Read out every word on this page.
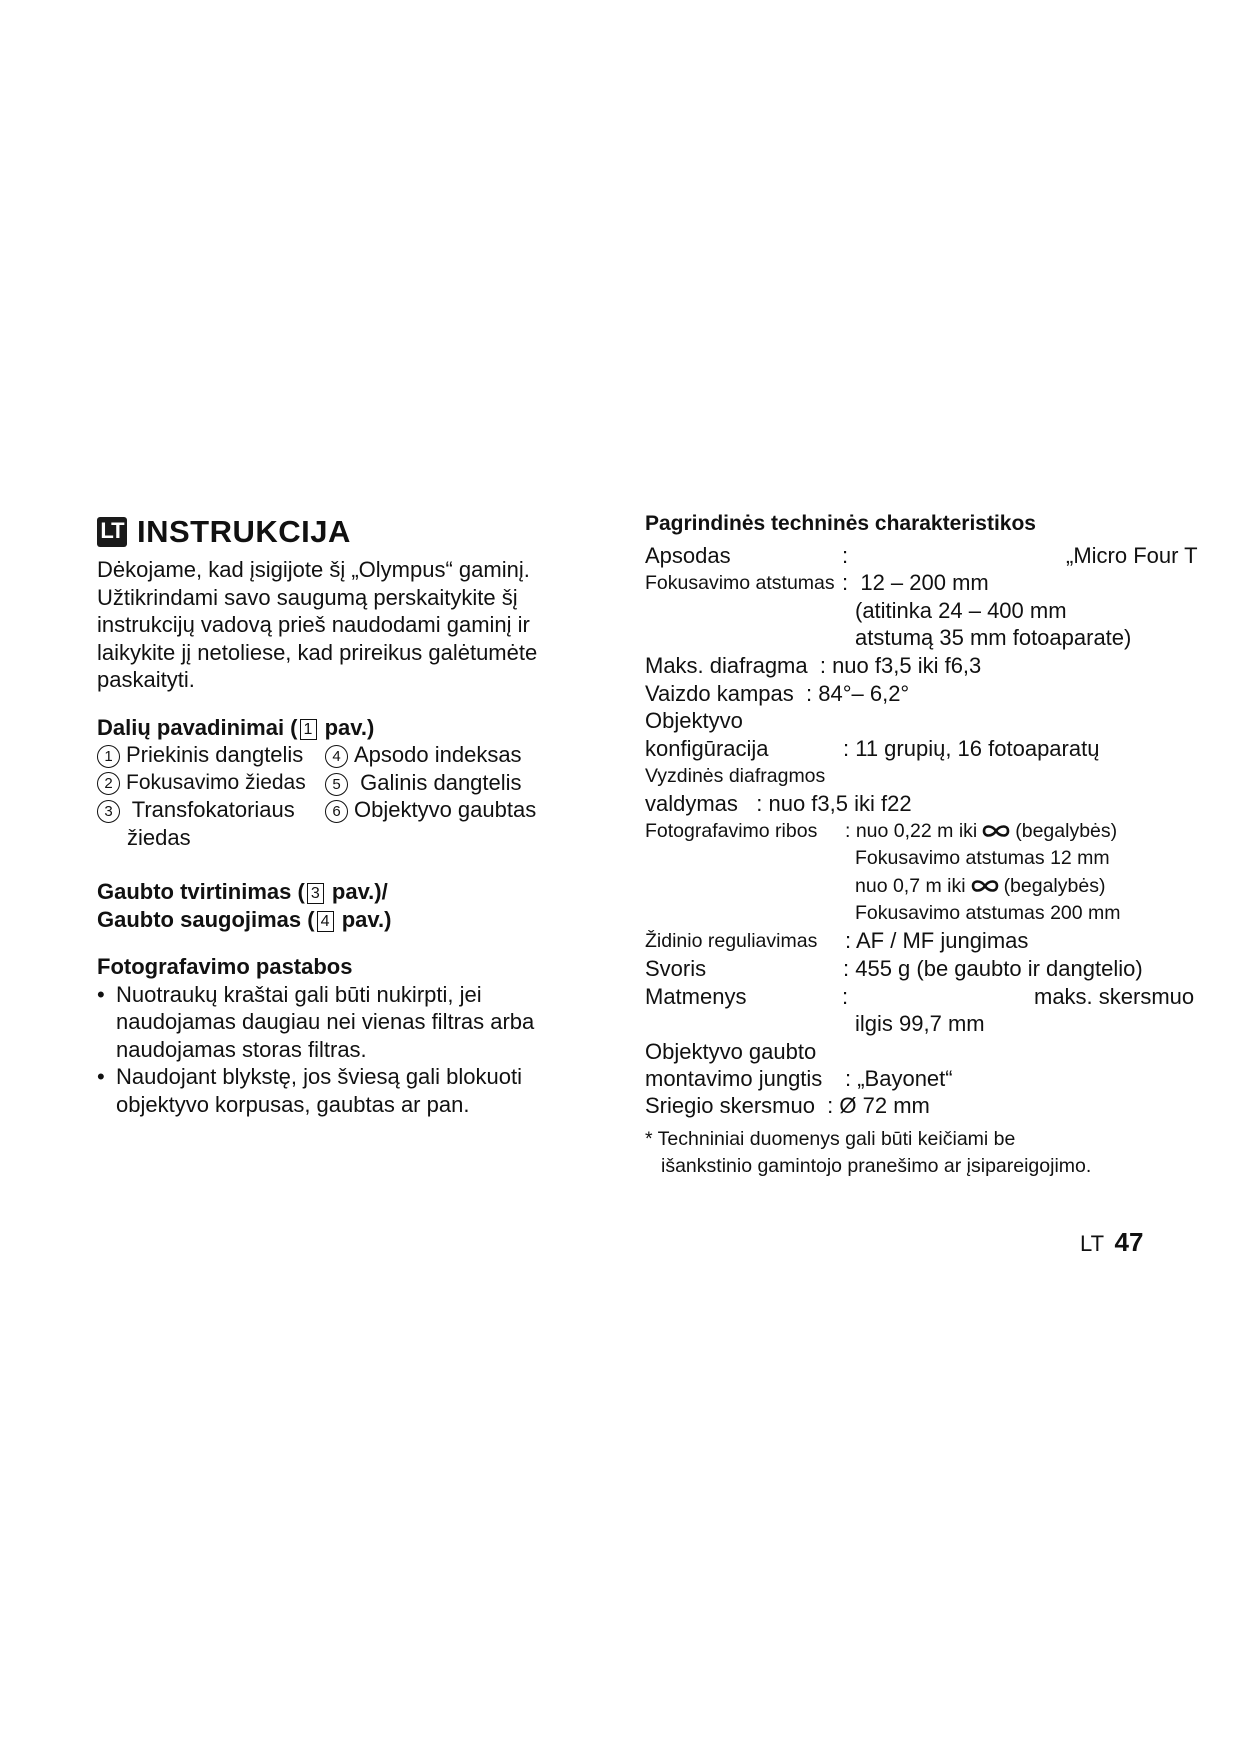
LT INSTRUKCIJA
Dėkojame, kad įsigijote šį „Olympus“ gaminį.
Užtikrindami savo saugumą perskaitykite šį
instrukcijų vadovą prieš naudodami gaminį ir
laikykite jį netoliese, kad prireikus galėtumėte
paskaityti.
Dalių pavadinimai ( 1 pav.)
1 Priekinis dangtelis	4 Apsodo indeksas
2 Fokusavimo žiedas	5 Galinis dangtelis
3 Transfokatoriaus	6 Objektyvo gaubtas
žiedas
Gaubto tvirtinimas ( 3 pav.)/
Gaubto saugojimas ( 4 pav.)
Fotografavimo pastabos
• Nuotraukų kraštai gali būti nukirpti, jei
naudojamas daugiau nei vienas filtras arba
naudojamas storas filtras.
• Naudojant blykstę, jos šviesą gali blokuoti
objektyvo korpusas, gaubtas ar pan.
Pagrindinės techninės charakteristikos
Apsodas	:	„Micro Four T
Fokusavimo atstumas :  12 – 200 mm
(atitinka 24 – 400 mm
atstumą 35 mm fotoaparate)
Maks. diafragma  : nuo f3,5 iki f6,3
Vaizdo kampas  : 84°– 6,2°
Objektyvo
konfigūracija	: 11 grupių, 16 fotoaparatų
Vyzdinės diafragmos
valdymas   : nuo f3,5 iki f22
Fotografavimo ribos : nuo 0,22 m iki (begalybės)
Fokusavimo atstumas 12 mm
nuo 0,7 m iki (begalybės)
Fokusavimo atstumas 200 mm
Židinio reguliavimas : AF / MF jungimas
Svoris	: 455 g (be gaubto ir dangtelio)
Matmenys	:	maks. skersmuo
ilgis 99,7 mm
Objektyvo gaubto
montavimo jungtis : „Bayonet“
Sriegio skersmuo  : Ø 72 mm
* Techniniai duomenys gali būti keičiami be
išankstinio gamintojo pranešimo ar įsipareigojimo.
LT 47
